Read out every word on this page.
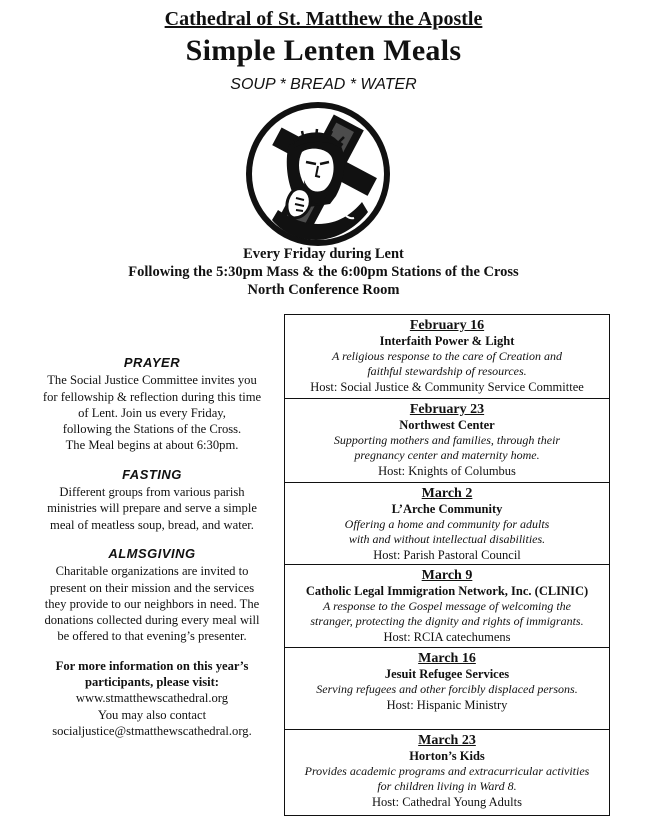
Cathedral of St. Matthew the Apostle
Simple Lenten Meals
SOUP * BREAD * WATER
Every Friday during Lent
Following the 5:30pm Mass & the 6:00pm Stations of the Cross
North Conference Room
PRAYER
The Social Justice Committee invites you
for fellowship & reflection during this time
of Lent. Join us every Friday,
following the Stations of the Cross.
The Meal begins at about 6:30pm.
FASTING
Different groups from various parish
ministries will prepare and serve a simple
meal of meatless soup, bread, and water.
ALMSGIVING
Charitable organizations are invited to
present on their mission and the services
they provide to our neighbors in need. The
donations collected during every meal will
be offered to that evening’s presenter.
For more information on this year’s
participants, please visit:
www.stmatthewscathedral.org
You may also contact
socialjustice@stmatthewscathedral.org.
February 16
Interfaith Power & Light
A religious response to the care of Creation and
faithful stewardship of resources.
Host: Social Justice & Community Service Committee
February 23
Northwest Center
Supporting mothers and families, through their
pregnancy center and maternity home.
Host: Knights of Columbus
March 2
L’Arche Community
Offering a home and community for adults
with and without intellectual disabilities.
Host: Parish Pastoral Council
March 9
Catholic Legal Immigration Network, Inc. (CLINIC)
A response to the Gospel message of welcoming the
stranger, protecting the dignity and rights of immigrants.
Host: RCIA catechumens
March 16
Jesuit Refugee Services
Serving refugees and other forcibly displaced persons.
Host: Hispanic Ministry
March 23
Horton’s Kids
Provides academic programs and extracurricular activities
for children living in Ward 8.
Host: Cathedral Young Adults
